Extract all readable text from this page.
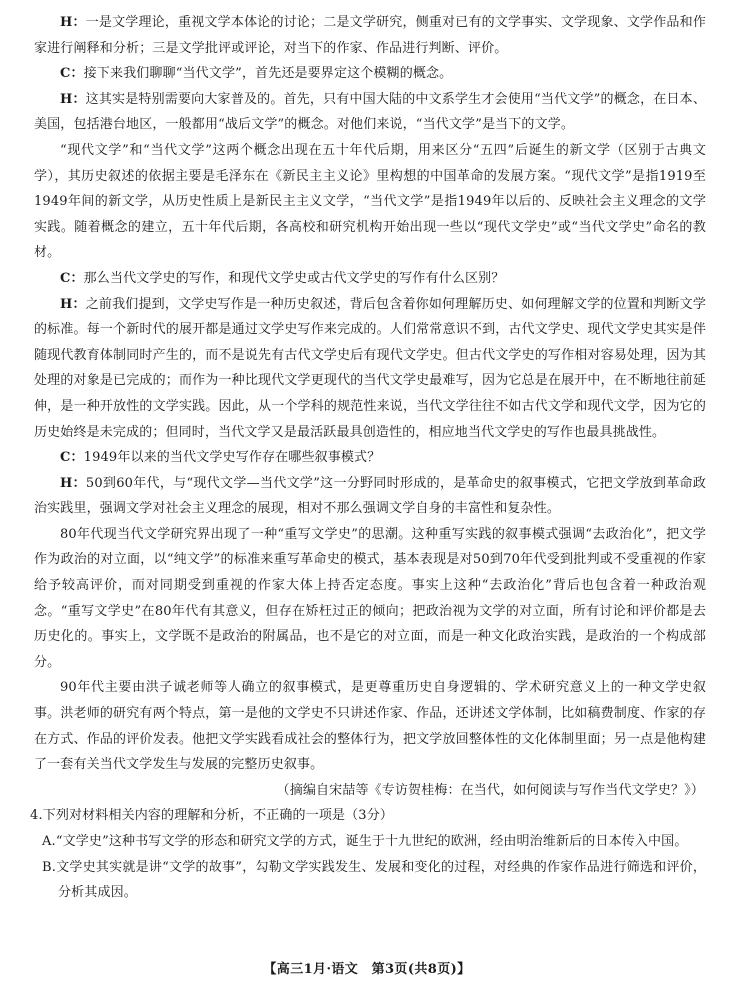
H：一是文学理论，重视文学本体论的讨论；二是文学研究，侧重对已有的文学事实、文学现象、文学作品和作家进行阐释和分析；三是文学批评或评论，对当下的作家、作品进行判断、评价。

C：接下来我们聊聊“当代文学”，首先还是要界定这个模糊的概念。

H：这其实是特别需要向大家普及的。首先，只有中国大陆的中文系学生才会使用“当代文学”的概念，在日本、美国，包括港台地区，一般都用“战后文学”的概念。对他们来说，“当代文学”是当下的文学。

“现代文学”和“当代文学”这两个概念出现在五十年代后期，用来区分“五四”后诞生的新文学（区别于古典文学），其历史叙述的依据主要是毛泽东在《新民主主义论》里构想的中国革命的发展方案。“现代文学”是指1919至1949年间的新文学，从历史性质上是新民主主义文学，“当代文学”是指1949年以后的、反映社会主义理念的文学实践。随着概念的建立，五十年代后期，各高校和研究机构开始出现一些以“现代文学史”或“当代文学史”命名的教材。

C：那么当代文学史的写作，和现代文学史或古代文学史的写作有什么区别？

H：之前我们提到，文学史写作是一种历史叙述，背后包含着你如何理解历史、如何理解文学的位置和判断文学的标准。每一个新时代的展开都是通过文学史写作来完成的。人们常常意识不到，古代文学史、现代文学史其实是伴随现代教育体制同时产生的，而不是说先有古代文学史后有现代文学史。但古代文学史的写作相对容易处理，因为其处理的对象是已完成的；而作为一种比现代文学更现代的当代文学史最难写，因为它总是在展开中，在不断地往前延伸，是一种开放性的文学实践。因此，从一个学科的规范性来说，当代文学往往不如古代文学和现代文学，因为它的历史始终是未完成的；但同时，当代文学又是最活跃最具创造性的，相应地当代文学史的写作也最具挑战性。

C：1949年以来的当代文学史写作存在哪些叙事模式？

H：50到60年代，与“现代文学—当代文学”这一分野同时形成的，是革命史的叙事模式，它把文学放到革命政治实践里，强调文学对社会主义理念的展现，相对不那么强调文学自身的丰富性和复杂性。

80年代现当代文学研究界出现了一种“重写文学史”的思潮。这种重写实践的叙事模式强调“去政治化”，把文学作为政治的对立面，以“纯文学”的标准来重写革命史的模式，基本表现是对50到70年代受到批判或不受重视的作家给予较高评价，而对同期受到重视的作家大体上持否定态度。事实上这种“去政治化”背后也包含着一种政治观念。“重写文学史”在80年代有其意义，但存在矫枉过正的倾向；把政治视为文学的对立面，所有讨论和评价都是去历史化的。事实上，文学既不是政治的附属品，也不是它的对立面，而是一种文化政治实践，是政治的一个构成部分。

90年代主要由洪子诚老师等人确立的叙事模式，是更尊重历史自身逻辑的、学术研究意义上的一种文学史叙事。洪老师的研究有两个特点，第一是他的文学史不只讲述作家、作品，还讲述文学体制，比如稿费制度、作家的存在方式、作品的评价发表。他把文学实践看成社会的整体行为，把文学放回整体性的文化体制里面；另一点是他构建了一套有关当代文学发生与发展的完整历史叙事。

（摘编自宋喆等《专访贺桂梅：在当代，如何阅读与写作当代文学史？》）

4.下列对材料相关内容的理解和分析，不正确的一项是（3分）

A.“文学史”这种书写文学的形态和研究文学的方式，诞生于十九世纪的欧洲，经由明治维新后的日本传入中国。

B.文学史其实就是讲“文学的故事”，勾勒文学实践发生、发展和变化的过程，对经典的作家作品进行筛选和评价，分析其成因。

【高三1月·语文　第3页(共8页)】
